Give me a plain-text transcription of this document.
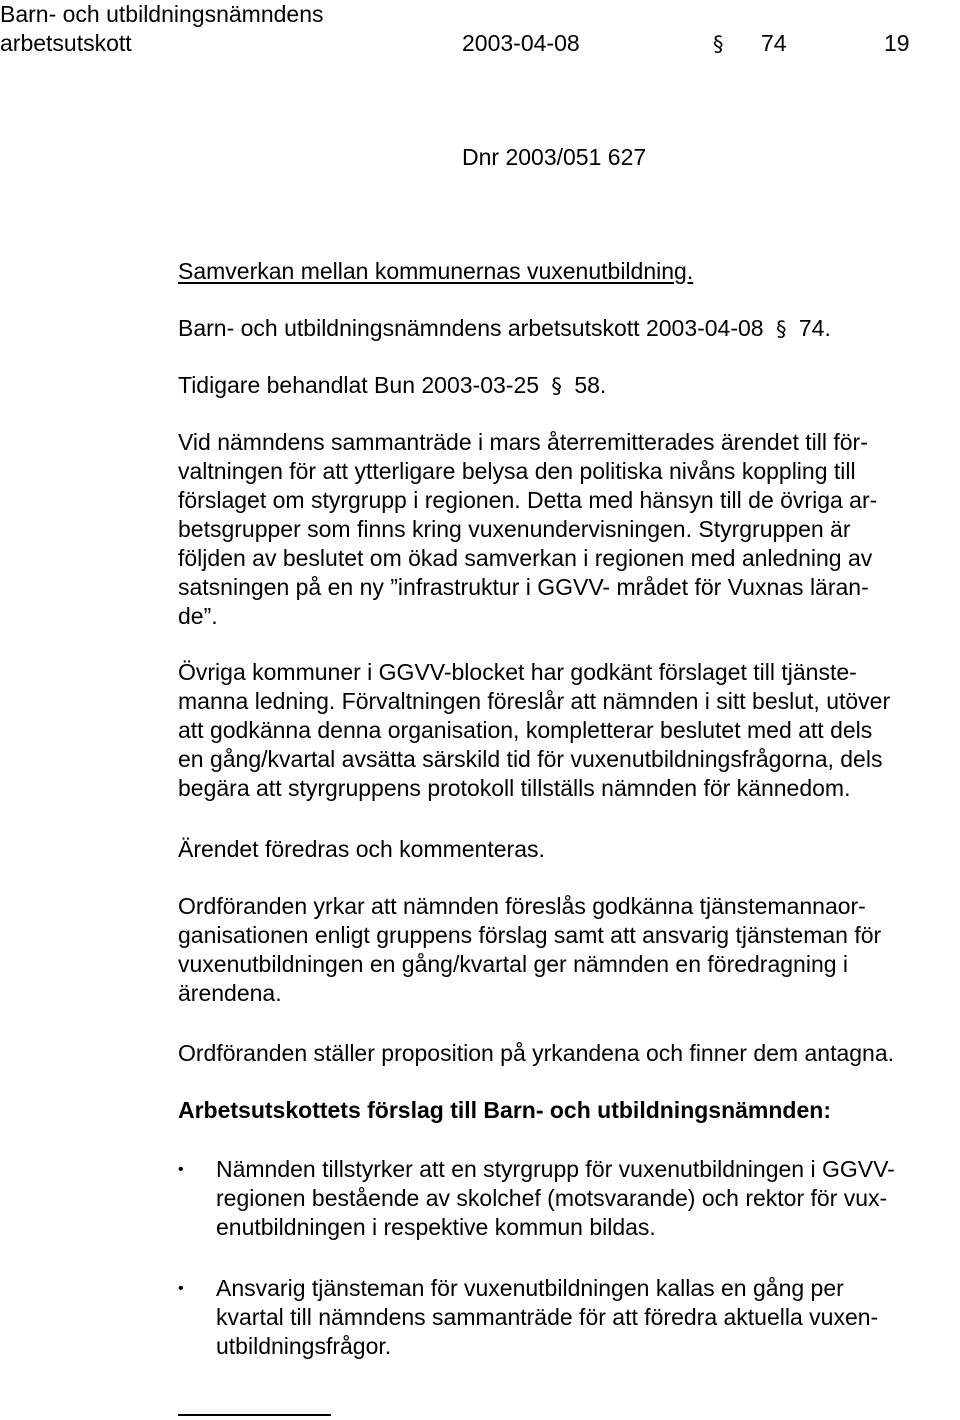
Barn- och utbildningsnämndens
arbetsutskott	2003-04-08	§ 74	19
Dnr 2003/051 627
Samverkan mellan kommunernas vuxenutbildning.
Barn- och utbildningsnämndens arbetsutskott 2003-04-08 § 74.
Tidigare behandlat Bun 2003-03-25 § 58.
Vid nämndens sammanträde i mars återremitterades ärendet till för-
valtningen för att ytterligare belysa den politiska nivåns koppling till
förslaget om styrgrupp i regionen. Detta med hänsyn till de övriga ar-
betsgrupper som finns kring vuxenundervisningen. Styrgruppen är
följden av beslutet om ökad samverkan i regionen med anledning av
satsningen på en ny ”infrastruktur i GGVV- mrådet för Vuxnas läran-
de”.
Övriga kommuner i GGVV-blocket har godkänt förslaget till tjänste-
manna ledning. Förvaltningen föreslår att nämnden i sitt beslut, utöver
att godkänna denna organisation, kompletterar beslutet med att dels
en gång/kvartal avsätta särskild tid för vuxenutbildningsfrågorna, dels
begära att styrgruppens protokoll tillställs nämnden för kännedom.
Ärendet föredras och kommenteras.
Ordföranden yrkar att nämnden föreslås godkänna tjänstemannaor-
ganisationen enligt gruppens förslag samt att ansvarig tjänsteman för
vuxenutbildningen en gång/kvartal ger nämnden en föredragning i
ärendena.
Ordföranden ställer proposition på yrkandena och finner dem antagna.
Arbetsutskottets förslag till Barn- och utbildningsnämnden:
• Nämnden tillstyrker att en styrgrupp för vuxenutbildningen i GGVV-
regionen bestående av skolchef (motsvarande) och rektor för vux-
enutbildningen i respektive kommun bildas.
• Ansvarig tjänsteman för vuxenutbildningen kallas en gång per
kvartal till nämndens sammanträde för att föredra aktuella vuxen-
utbildningsfrågor.
